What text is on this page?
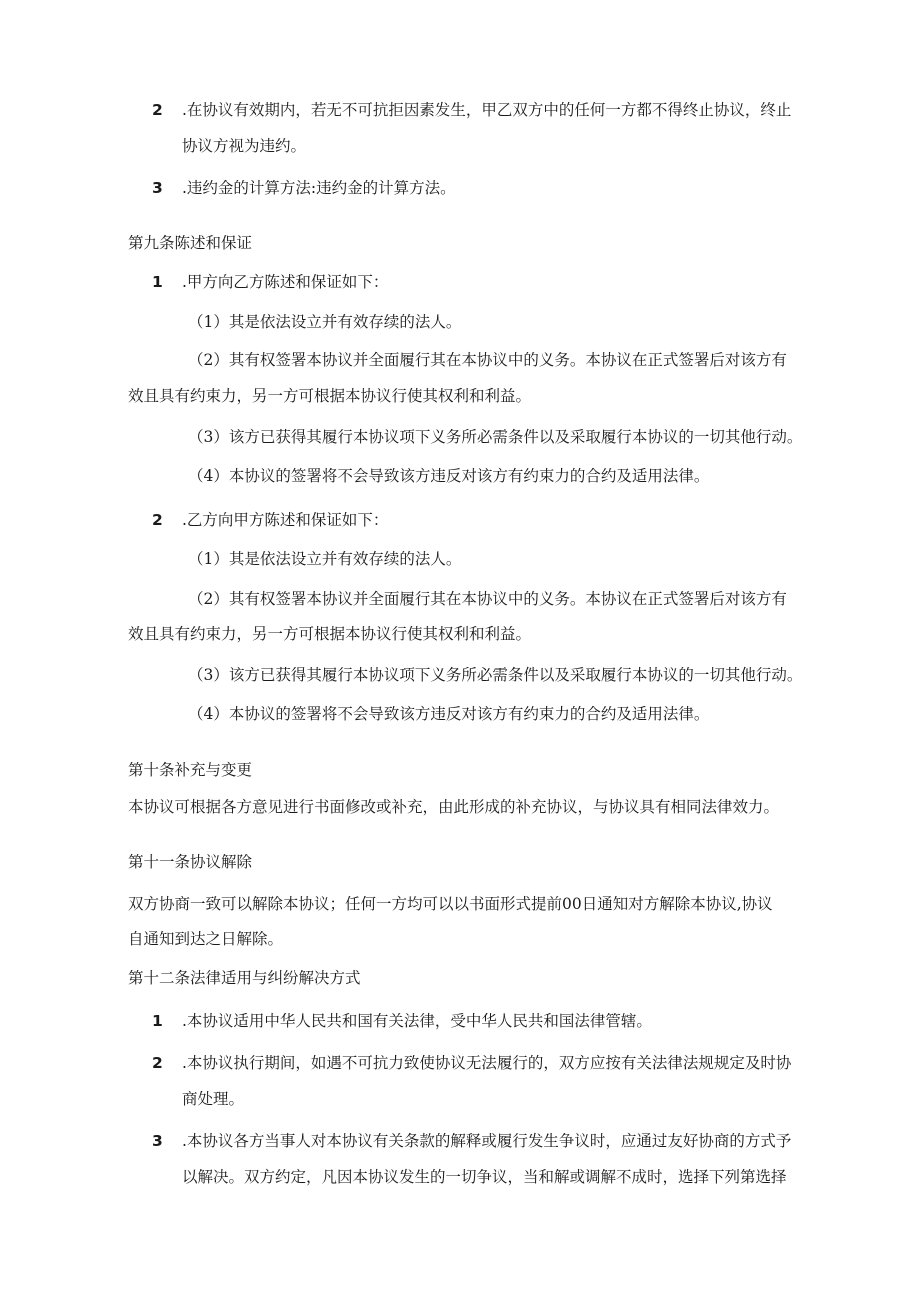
2 .在协议有效期内，若无不可抗拒因素发生，甲乙双方中的任何一方都不得终止协议，终止
协议方视为违约。
3 .违约金的计算方法:违约金的计算方法。
第九条陈述和保证
1 .甲方向乙方陈述和保证如下：
（1）其是依法设立并有效存续的法人。
（2）其有权签署本协议并全面履行其在本协议中的义务。本协议在正式签署后对该方有
效且具有约束力，另一方可根据本协议行使其权利和利益。
（3）该方已获得其履行本协议项下义务所必需条件以及采取履行本协议的一切其他行动。
（4）本协议的签署将不会导致该方违反对该方有约束力的合约及适用法律。
2 .乙方向甲方陈述和保证如下：
（1）其是依法设立并有效存续的法人。
（2）其有权签署本协议并全面履行其在本协议中的义务。本协议在正式签署后对该方有
效且具有约束力，另一方可根据本协议行使其权利和利益。
（3）该方已获得其履行本协议项下义务所必需条件以及采取履行本协议的一切其他行动。
（4）本协议的签署将不会导致该方违反对该方有约束力的合约及适用法律。
第十条补充与变更
本协议可根据各方意见进行书面修改或补充，由此形成的补充协议，与协议具有相同法律效力。
第十一条协议解除
双方协商一致可以解除本协议；任何一方均可以以书面形式提前00日通知对方解除本协议,协议
自通知到达之日解除。
第十二条法律适用与纠纷解决方式
1 .本协议适用中华人民共和国有关法律，受中华人民共和国法律管辖。
2 .本协议执行期间，如遇不可抗力致使协议无法履行的，双方应按有关法律法规规定及时协
商处理。
3 .本协议各方当事人对本协议有关条款的解释或履行发生争议时，应通过友好协商的方式予
以解决。双方约定，凡因本协议发生的一切争议，当和解或调解不成时，选择下列第选择
